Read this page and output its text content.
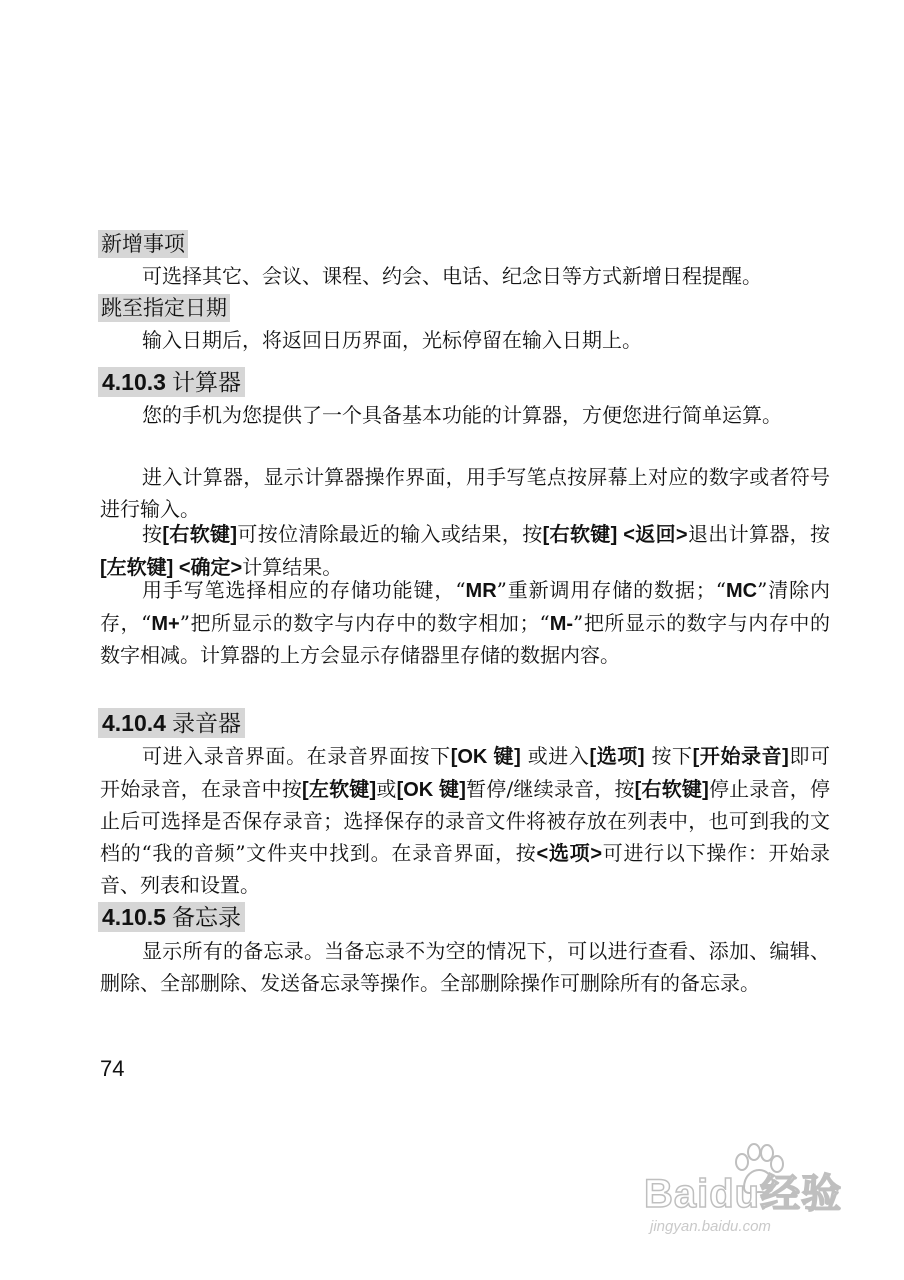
新增事项

可选择其它、会议、课程、约会、电话、纪念日等方式新增日程提醒。

跳至指定日期

输入日期后，将返回日历界面，光标停留在输入日期上。

4.10.3 计算器

您的手机为您提供了一个具备基本功能的计算器，方便您进行简单运算。

进入计算器，显示计算器操作界面，用手写笔点按屏幕上对应的数字或者符号进行输入。

按[右软键]可按位清除最近的输入或结果，按[右软键] <返回>退出计算器，按[左软键] <确定>计算结果。

用手写笔选择相应的存储功能键，“MR”重新调用存储的数据；“MC”清除内存，“M+”把所显示的数字与内存中的数字相加；“M-”把所显示的数字与内存中的数字相减。计算器的上方会显示存储器里存储的数据内容。

4.10.4 录音器

可进入录音界面。在录音界面按下[OK 键] 或进入[选项] 按下[开始录音]即可开始录音，在录音中按[左软键]或[OK 键]暂停/继续录音，按[右软键]停止录音，停止后可选择是否保存录音；选择保存的录音文件将被存放在列表中，也可到我的文档的“我的音频”文件夹中找到。在录音界面，按<选项>可进行以下操作：开始录音、列表和设置。

4.10.5 备忘录

显示所有的备忘录。当备忘录不为空的情况下，可以进行查看、添加、编辑、删除、全部删除、发送备忘录等操作。全部删除操作可删除所有的备忘录。

74
Baidu经验
jingyan.baidu.com
